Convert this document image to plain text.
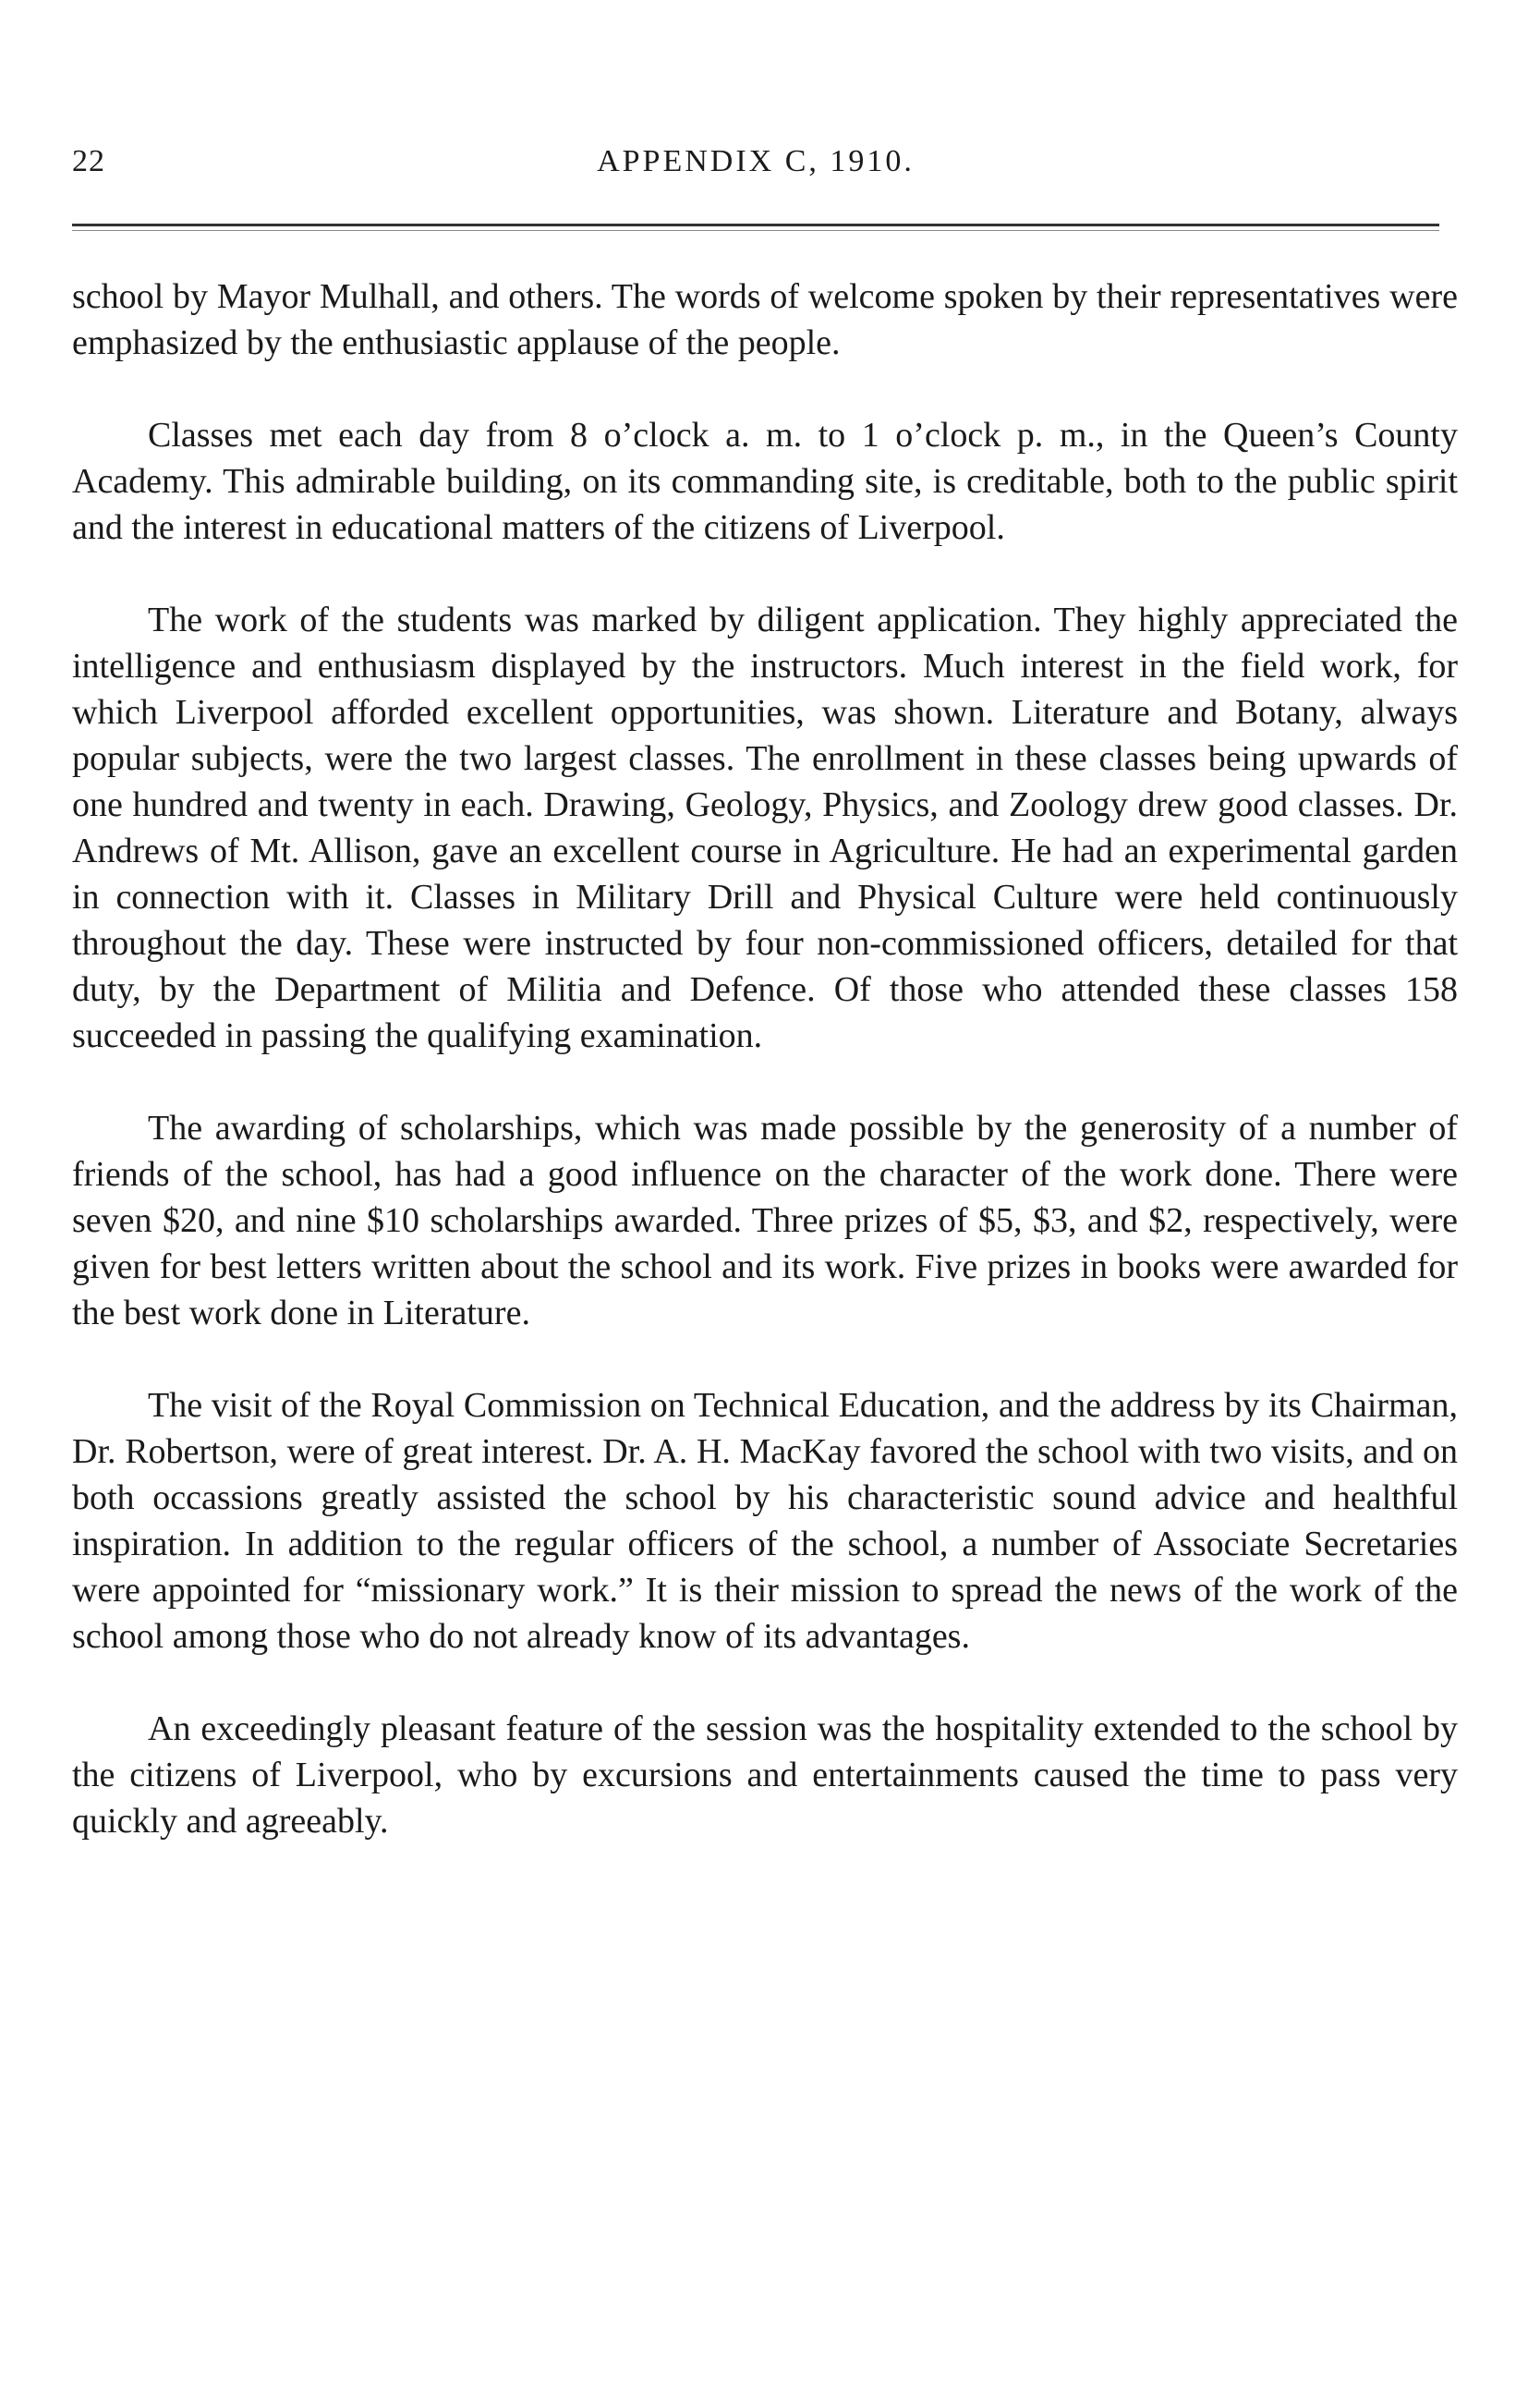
22	APPENDIX C, 1910.

school by Mayor Mulhall, and others. The words of welcome spoken by their representatives were emphasized by the enthusiastic applause of the people.

Classes met each day from 8 o’clock a. m. to 1 o’clock p. m., in the Queen’s County Academy. This admirable building, on its commanding site, is creditable, both to the public spirit and the interest in educational matters of the citizens of Liverpool.

The work of the students was marked by diligent application. They highly appreciated the intelligence and enthusiasm displayed by the instructors. Much interest in the field work, for which Liverpool afforded excellent opportunities, was shown. Literature and Botany, always popular subjects, were the two largest classes. The enrollment in these classes being upwards of one hundred and twenty in each. Drawing, Geology, Physics, and Zoology drew good classes. Dr. Andrews of Mt. Allison, gave an excellent course in Agriculture. He had an experimental garden in connection with it. Classes in Military Drill and Physical Culture were held continuously throughout the day. These were instructed by four non-commissioned officers, detailed for that duty, by the Department of Militia and Defence. Of those who attended these classes 158 succeeded in passing the qualifying examination.

The awarding of scholarships, which was made possible by the generosity of a number of friends of the school, has had a good influence on the character of the work done. There were seven $20, and nine $10 scholarships awarded. Three prizes of $5, $3, and $2, respectively, were given for best letters written about the school and its work. Five prizes in books were awarded for the best work done in Literature.

The visit of the Royal Commission on Technical Education, and the address by its Chairman, Dr. Robertson, were of great interest. Dr. A. H. MacKay favored the school with two visits, and on both occassions greatly assisted the school by his characteristic sound advice and healthful inspiration. In addition to the regular officers of the school, a number of Associate Secretaries were appointed for “missionary work.” It is their mission to spread the news of the work of the school among those who do not already know of its advantages.

An exceedingly pleasant feature of the session was the hospitality extended to the school by the citizens of Liverpool, who by excursions and entertainments caused the time to pass very quickly and agreeably.
